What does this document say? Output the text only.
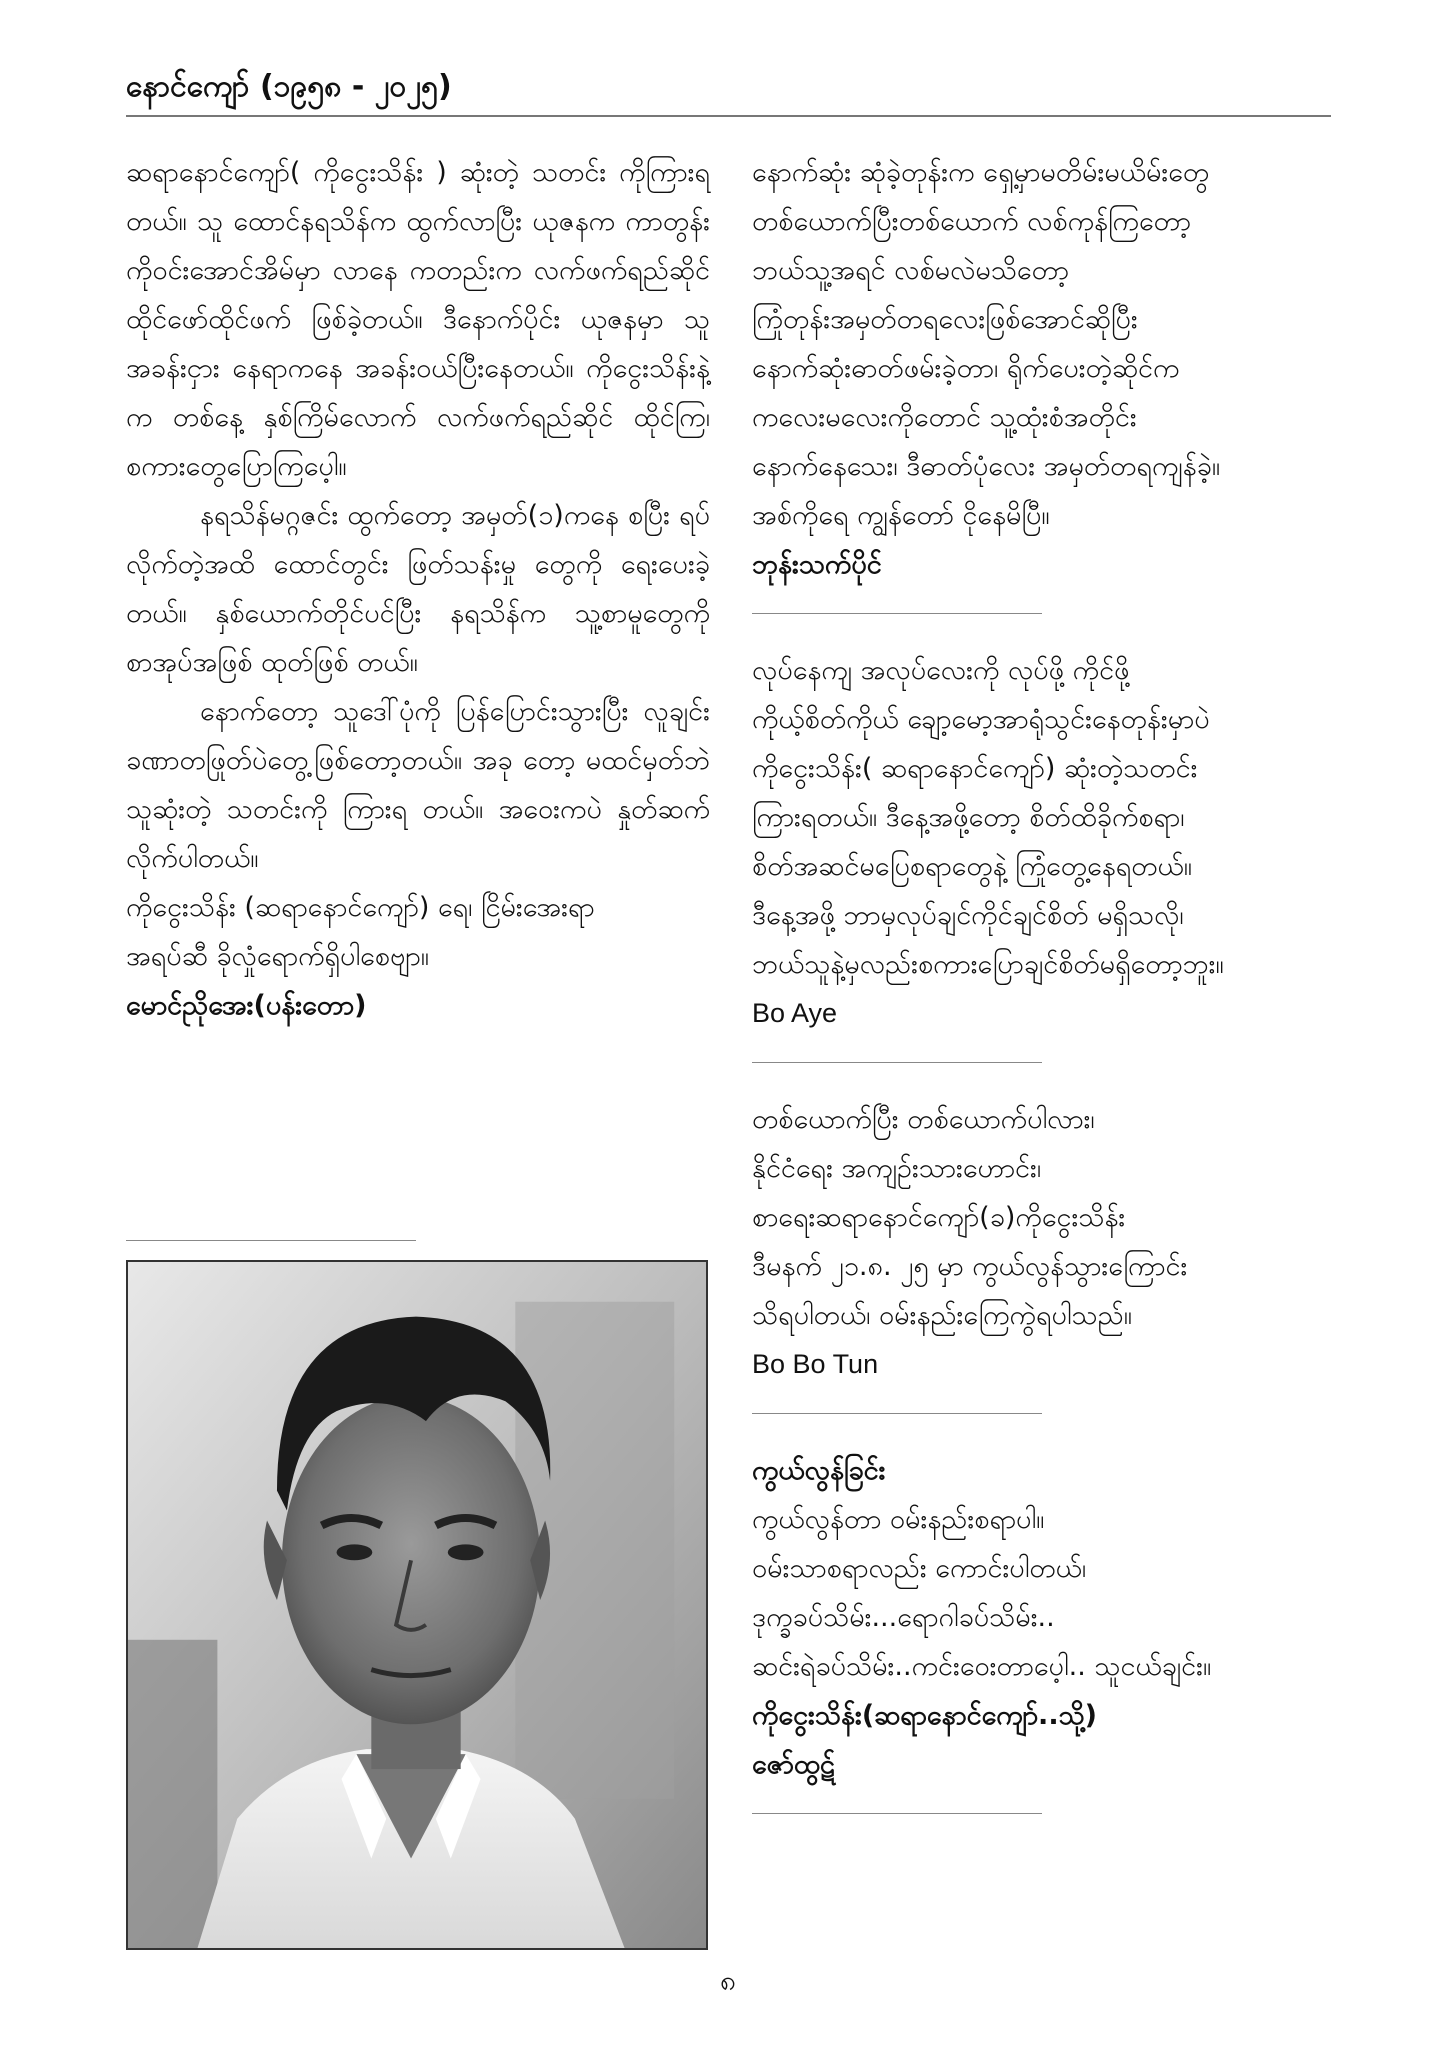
နောင်ကျော် (၁၉၅၈ - ၂၀၂၅)

ဆရာနောင်ကျော်( ကိုငွေးသိန်း ) ဆုံးတဲ့ သတင်း ကိုကြားရတယ်။ သူ ထောင်နရသိန်က ထွက်လာပြီး ယုဇနက ကာတွန်းကိုဝင်းအောင်အိမ်မှာ လာနေ ကတည်းက လက်ဖက်ရည်ဆိုင် ထိုင်ဖော်ထိုင်ဖက် ဖြစ်ခဲ့တယ်။ ဒီနောက်ပိုင်း ယုဇနမှာ သူ အခန်းငှား နေရာကနေ အခန်းဝယ်ပြီးနေတယ်။ ကိုငွေးသိန်းနဲ့ က တစ်နေ့ နှစ်ကြိမ်လောက် လက်ဖက်ရည်ဆိုင် ထိုင်ကြ၊ စကားတွေပြောကြပေ့ါ။

နရသိန်မဂ္ဂဇင်း ထွက်တော့ အမှတ်(၁)ကနေ စပြီး ရပ်လိုက်တဲ့အထိ ထောင်တွင်း ဖြတ်သန်းမှု တွေကို ရေးပေးခဲ့တယ်။ နှစ်ယောက်တိုင်ပင်ပြီး နရသိန်က သူ့စာမူတွေကို စာအုပ်အဖြစ် ထုတ်ဖြစ် တယ်။

နောက်တော့ သူဒေါ်ပုံကို ပြန်ပြောင်းသွားပြီး လူချင်း ခဏာတဖြုတ်ပဲတွေ့ဖြစ်တော့တယ်။ အခု တော့ မထင်မှတ်ဘဲ သူဆုံးတဲ့ သတင်းကို ကြားရ တယ်။ အဝေးကပဲ နှုတ်ဆက်လိုက်ပါတယ်။

ကိုငွေးသိန်း (ဆရာနောင်ကျော်) ရေ၊ ငြိမ်းအေးရာ

အရပ်ဆီ ခိုလှုံရောက်ရှိပါစေဗျာ။

မောင်ညိုအေး(ပန်းတော)

နောက်ဆုံး ဆုံခဲ့တုန်းက ရှေ့မှာမတိမ်းမယိမ်းတွေ
တစ်ယောက်ပြီးတစ်ယောက် လစ်ကုန်ကြတော့
ဘယ်သူ့အရင် လစ်မလဲမသိတော့
ကြုံတုန်းအမှတ်တရလေးဖြစ်အောင်ဆိုပြီး
နောက်ဆုံးဓာတ်ဖမ်းခဲ့တာ၊ ရိုက်ပေးတဲ့ဆိုင်က
ကလေးမလေးကိုတောင် သူ့ထုံးစံအတိုင်း
နောက်နေသေး၊ ဒီဓာတ်ပုံလေး အမှတ်တရကျန်ခဲ့။
အစ်ကိုရေ ကျွန်တော် ငိုနေမိပြီ။
ဘုန်းသက်ပိုင်
လုပ်နေကျ အလုပ်လေးကို လုပ်ဖို့ ကိုင်ဖို့
ကိုယ့်စိတ်ကိုယ် ချော့မော့အာရုံသွင်းနေတုန်းမှာပဲ
ကိုငွေးသိန်း( ဆရာနောင်ကျော်) ဆုံးတဲ့သတင်း
ကြားရတယ်။ ဒီနေ့အဖို့တော့ စိတ်ထိခိုက်စရာ၊
စိတ်အဆင်မပြေစရာတွေနဲ့ ကြုံတွေ့နေရတယ်။
ဒီနေ့အဖို့ ဘာမှလုပ်ချင်ကိုင်ချင်စိတ် မရှိသလို၊
ဘယ်သူနဲ့မှလည်းစကားပြောချင်စိတ်မရှိတော့ဘူး။
Bo Aye
တစ်ယောက်ပြီး တစ်ယောက်ပါလား၊
နိုင်ငံရေး အကျဉ်းသားဟောင်း၊
စာရေးဆရာနောင်ကျော်(ခ)ကိုငွေးသိန်း
ဒီမနက် ၂၁.၈. ၂၅ မှာ ကွယ်လွန်သွားကြောင်း
သိရပါတယ်၊ ဝမ်းနည်းကြေကွဲရပါသည်။
Bo Bo Tun
ကွယ်လွန်ခြင်း
ကွယ်လွန်တာ ဝမ်းနည်းစရာပါ။
ဝမ်းသာစရာလည်း ကောင်းပါတယ်၊
ဒုက္ခခပ်သိမ်း...ရောဂါခပ်သိမ်း..
ဆင်းရဲခပ်သိမ်း..ကင်းဝေးတာပေ့ါ.. သူငယ်ချင်း။
ကိုငွေးသိန်း(ဆရာနောင်ကျော်..သို့)
ဇော်ထွဋ်
၈
